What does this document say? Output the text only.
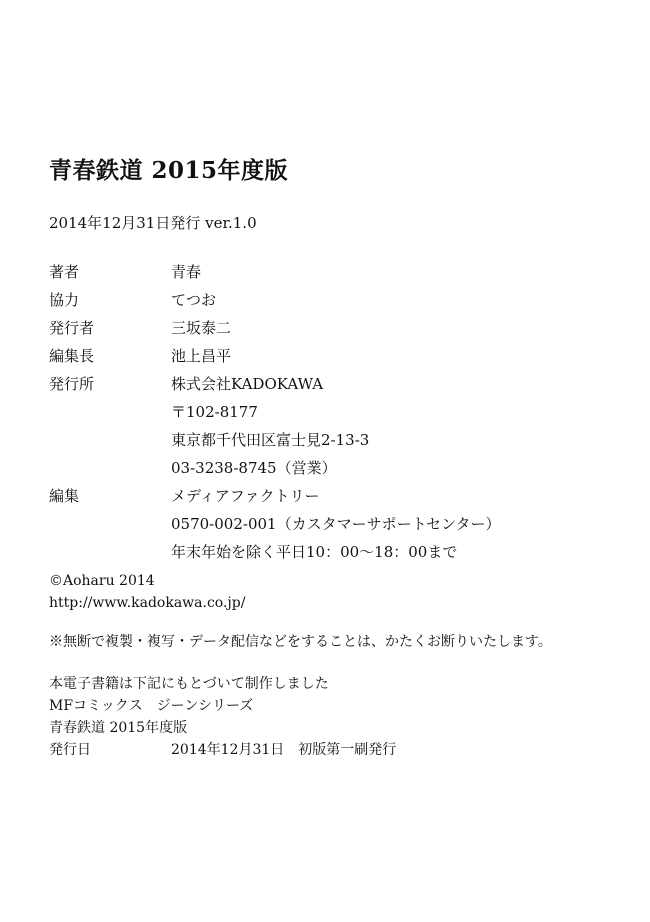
青春鉄道 2015年度版
2014年12月31日発行 ver.1.0
著者	青春
協力	てつお
発行者	三坂泰二
編集長	池上昌平
発行所	株式会社KADOKAWA
〒102-8177
東京都千代田区富士見2-13-3
03-3238-8745（営業）
編集	メディアファクトリー
0570-002-001（カスタマーサポートセンター）
年末年始を除く平日10：00〜18：00まで
©Aoharu 2014
http://www.kadokawa.co.jp/
※無断で複製・複写・データ配信などをすることは、かたくお断りいたします。
本電子書籍は下記にもとづいて制作しました
MFコミックス　ジーンシリーズ
青春鉄道 2015年度版
発行日	2014年12月31日　初版第一刷発行
